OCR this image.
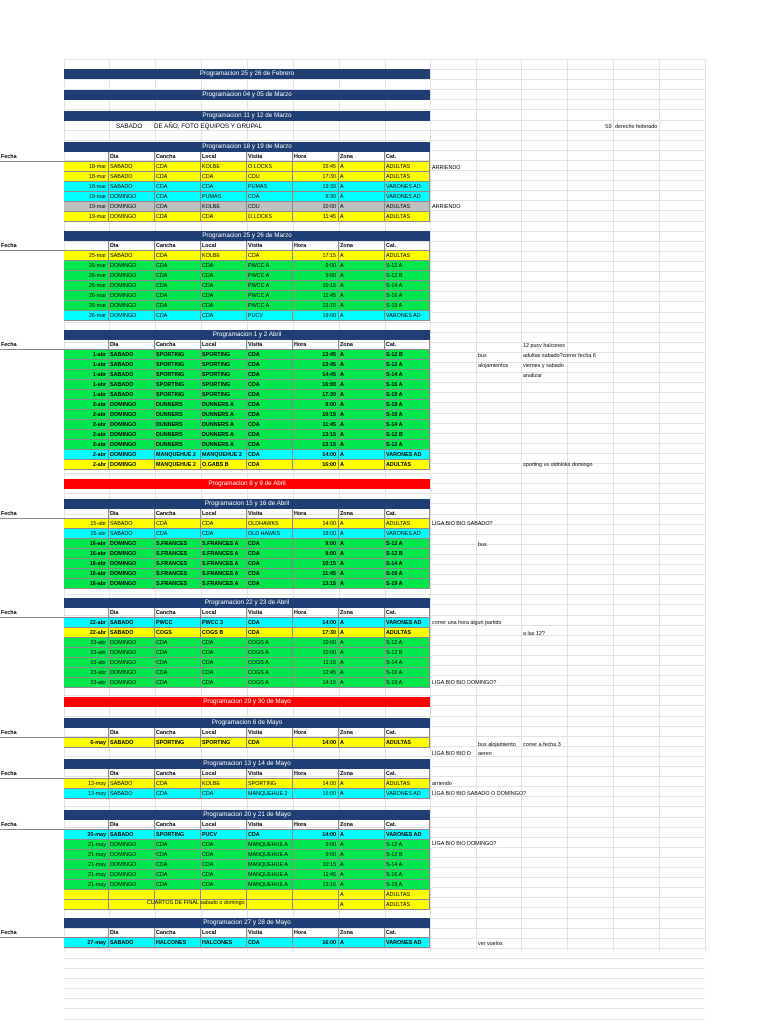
Programacion 25 y 26 de Febrero
Programacion 04 y 05 de Marzo
Programacion 11 y 12 de Marzo
Programacion 18 y 19 de Marzo
Fecha	Dia	Cancha	Local	Visita	Hora	Zona	Cat.
18-mar SABADO	CDA	KOLBE	O.LOCKS	15:45 A	ADULTAS
18-mar SABADO	CDA	CDA	CDU	17:30 A	ADULTAS
18-mar SABADO	CDA	CDA	PUMAS	19:30 A	VARONES AD
19-mar DOMINGO	CDA	PUMAS	CDA	8:30 A	VARONES AD
19-mar DOMINGO	CDA	KOLBE	CDU	10:00 A	ADULTAS
19-mar DOMINGO	CDA	CDA	O.LOCKS	11:45 A	ADULTAS
Programacion 25 y 26 de Marzo
Fecha	Dia	Cancha	Local	Visita	Hora	Zona	Cat.
25-mar SABADO	CDA	KOLBE	CDA	17:15 A	ADULTAS
26-mar DOMINGO	CDA	CDA	PWCC A	9:00 A	S-12 A
26-mar DOMINGO	CDA	CDA	PWCC A	9:00 A	S-12 B
26-mar DOMINGO	CDA	CDA	PWCC A	10:15 A	S-14 A
26-mar DOMINGO	CDA	CDA	PWCC A	11:45 A	S-16 A
26-mar DOMINGO	CDA	CDA	PWCC A	13:15 A	S-19 A
26-mar DOMINGO	CDA	CDA	PUCV	19:00 A	VARONES AD
Programacion 1 y 2 Abril
Fecha	Dia	Cancha	Local	Visita	Hora	Zona	Cat.
1-abr SABADO	SPORTING	SPORTING	CDA	13:45 A	S-12 B
1-abr SABADO	SPORTING	SPORTING	CDA	13:45 A	S-12 A
1-abr SABADO	SPORTING	SPORTING	CDA	14:45 A	S-14 A
1-abr SABADO	SPORTING	SPORTING	CDA	16:00 A	S-16 A
1-abr SABADO	SPORTING	SPORTING	CDA	17:30 A	S-19 A
2-abr DOMINGO	DUNNERS	DUNNERS A	CDA	9:00 A	S-19 A
2-abr DOMINGO	DUNNERS	DUNNERS A	CDA	10:15 A	S-16 A
2-abr DOMINGO	DUNNERS	DUNNERS A	CDA	11:45 A	S-14 A
2-abr DOMINGO	DUNNERS	DUNNERS A	CDA	13:15 A	S-12 B
2-abr DOMINGO	DUNNERS	DUNNERS A	CDA	13:15 A	S-12 A
2-abr DOMINGO	MANQUEHUE 2	MANQUEHUE 2	CDA	14:00 A	VARONES AD
2-abr DOMINGO	MANQUEHUE 2	O.GABS B	CDA	16:00 A	ADULTAS
Programacion 8 y 9 de Abril
Programacion 15 y 16 de Abril
Fecha	Dia	Cancha	Local	Visita	Hora	Zona	Cat.
15-abr SABADO	CDA	CDA	OLDHAWKS	14:00 A	ADULTAS
15-abr SABADO	CDA	CDA	OLD HAWKS	18:00 A	VARONES AD
16-abr DOMINGO	S.FRANCES	S.FRANCES A	CDA	9:00 A	S-12 A
16-abr DOMINGO	S.FRANCES	S.FRANCES A	CDA	9:00 A	S-12 B
16-abr DOMINGO	S.FRANCES	S.FRANCES A	CDA	10:15 A	S-14 A
16-abr DOMINGO	S.FRANCES	S.FRANCES A	CDA	11:45 A	S-16 A
16-abr DOMINGO	S.FRANCES	S.FRANCES A	CDA	13:15 A	S-19 A
Programacion 22 y 23 de Abril
Fecha	Dia	Cancha	Local	Visita	Hora	Zona	Cat.
22-abr SABADO	PWCC	PWCC 3	CDA	14:00 A	VARONES AD
22-abr SABADO	COGS	COGS B	CDA	17:30 A	ADULTAS
23-abr DOMINGO	CDA	CDA	COGS A	10:00 A	S-12 A
23-abr DOMINGO	CDA	CDA	COGS A	10:00 A	S-12 B
23-abr DOMINGO	CDA	CDA	COGS A	11:15 A	S-14 A
23-abr DOMINGO	CDA	CDA	COGS A	12:45 A	S-16 A
23-abr DOMINGO	CDA	CDA	COGS A	14:15 A	S-19 A
Programacion 29 y 30 de Mayo
Programacion 6 de Mayo
Fecha	Dia	Cancha	Local	Visita	Hora	Zona	Cat.
6-may SABADO	SPORTING	SPORTING	CDA	14:00 A	ADULTAS
Programacion 13 y 14 de Mayo
Fecha	Dia	Cancha	Local	Visita	Hora	Zona	Cat.
13-may SABADO	CDA	KOLBE	SPORTING	14:00 A	ADULTAS
13-may SABADO	CDA	CDA	MANQUEHUE 2	16:00 A	VARONES AD
Programacion 20 y 21 de Mayo
Fecha	Dia	Cancha	Local	Visita	Hora	Zona	Cat.
20-may SABADO	SPORTING	PUCV	CDA	14:00 A	VARONES AD
21-may DOMINGO	CDA	CDA	MANQUEHUE A	9:00 A	S-12 A
21-may DOMINGO	CDA	CDA	MANQUEHUE A	9:00 A	S-12 B
21-may DOMINGO	CDA	CDA	MANQUEHUE A	10:15 A	S-14 A
21-may DOMINGO	CDA	CDA	MANQUEHUE A	11:45 A	S-16 A
21-may DOMINGO	CDA	CDA	MANQUEHUE A	13:15 A	S-19 A
A	ADULTAS
A	ADULTAS
Programacion 27 y 28 de Mayo
Fecha	Dia	Cancha	Local	Visita	Hora	Zona	Cat.
27-may SABADO	HALCONES	HALCONES	CDA	16:00 A	VARONES AD
SABADO DE AÑO, FOTO EQUIPOS Y GRUPAL	S9 derecho federado
ARRIENDO
ARRIENDO
12 pucv halcones
bus	adultas sabado?correr fecha 6
alojamientos	viernes y sabado
analizar
sporting vs oldnloks domingo
LIGA BIO BIO SABADO?
bus
correr una hora algun partido
a las 12?
LIGA BIO BIO DOMINGO?
bus alojamiento correr a fecha 3
LIGA BIO BIO D aereo
arriendo
LIGA BIO BIO SABADO O DOMINGO?
LIGA BIO BIO DOMINGO?
CUARTOS DE FINAL sabado o domingo
ver vuelos
